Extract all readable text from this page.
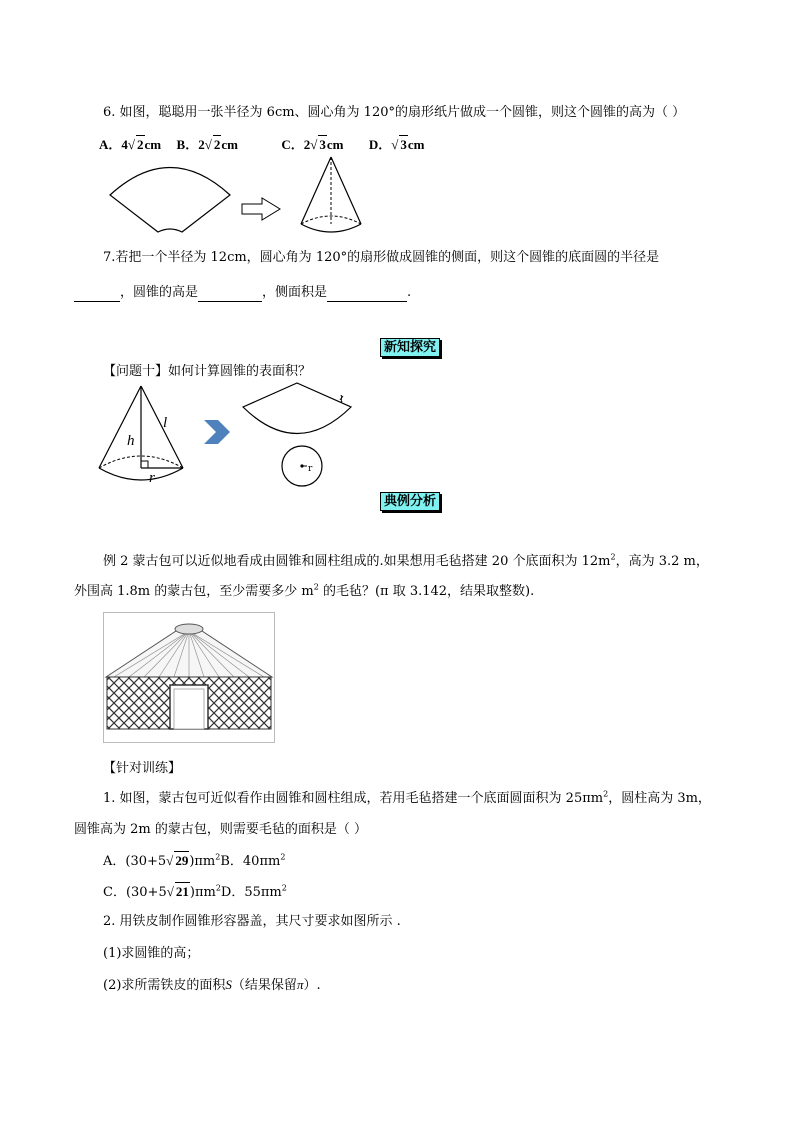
6. 如图，聪聪用一张半径为 6cm、圆心角为 120°的扇形纸片做成一个圆锥，则这个圆锥的高为（ ）
A．4√ 2cm B．2√ 2cm	C．2√ 3cm D．√ 3cm
7.若把一个半径为 12cm，圆心角为 120°的扇形做成圆锥的侧面，则这个圆锥的底面圆的半径是
，圆锥的高是	，侧面积是	.
新知探究
【问题十】如何计算圆锥的表面积？
h
l
r
l
r
典例分析
例 2 蒙古包可以近似地看成由圆锥和圆柱组成的.如果想用毛毡搭建 20 个底面积为 $12m^2$，高为 3.2 m，
外围高 1.8m 的蒙古包，至少需要多少 $m^2$ 的毛毡？(π 取 3.142，结果取整数).
【针对训练】
1. 如图，蒙古包可近似看作由圆锥和圆柱组成，若用毛毡搭建一个底面圆面积为 $25\pi m^2$，圆柱高为 3m，
圆锥高为 2m 的蒙古包，则需要毛毡的面积是（ ）
A．(30+5√ $29)\pi m^2B$．$40\pi m^2$
C．(30+5√ $21)\pi m^2D$．$55\pi m^2$
2. 用铁皮制作圆锥形容器盖，其尺寸要求如图所示 .
(1)求圆锥的高；
(2)求所需铁皮的面积S（结果保留π）.
